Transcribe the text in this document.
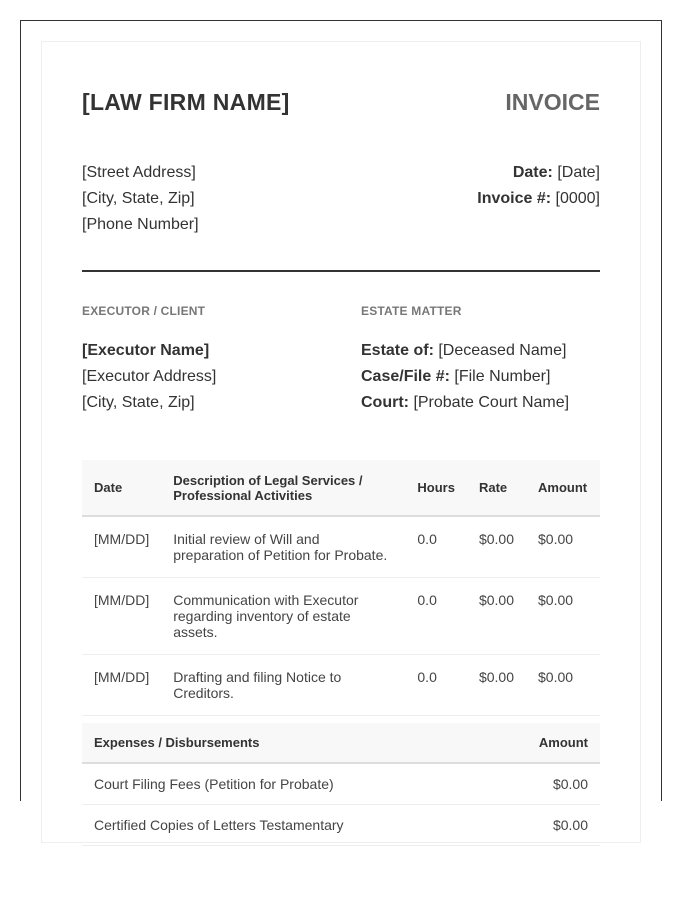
[LAW FIRM NAME]	INVOICE
[Street Address]
[City, State, Zip]
[Phone Number]
Date: [Date]
Invoice #: [0000]
EXECUTOR / CLIENT
[Executor Name]
[Executor Address]
[City, State, Zip]
ESTATE MATTER
Estate of: [Deceased Name]
Case/File #: [File Number]
Court: [Probate Court Name]
Date	Description of Legal Services / Professional Activities	Hours	Rate	Amount
[MM/DD]	Initial review of Will and preparation of Petition for Probate.	0.0	$0.00	$0.00
[MM/DD]	Communication with Executor regarding inventory of estate assets.	0.0	$0.00	$0.00
[MM/DD]	Drafting and filing Notice to Creditors.	0.0	$0.00	$0.00
Expenses / Disbursements	Amount
Court Filing Fees (Petition for Probate)	$0.00
Certified Copies of Letters Testamentary	$0.00
